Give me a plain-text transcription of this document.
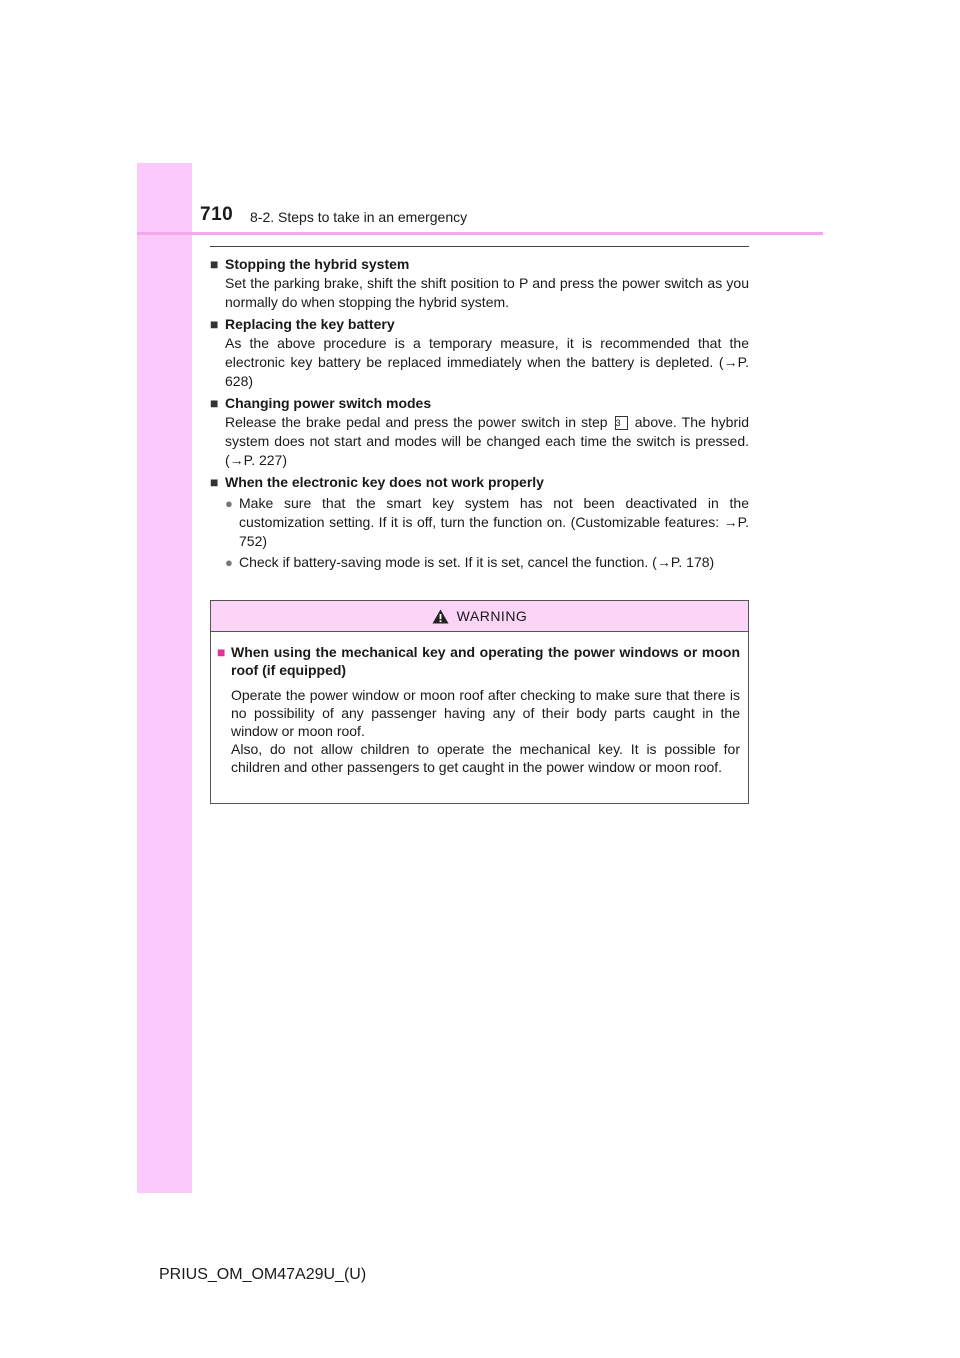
710 8-2. Steps to take in an emergency
■ Stopping the hybrid system
Set the parking brake, shift the shift position to P and press the power switch as you normally do when stopping the hybrid system.
■ Replacing the key battery
As the above procedure is a temporary measure, it is recommended that the electronic key battery be replaced immediately when the battery is depleted. (→P. 628)
■ Changing power switch modes
Release the brake pedal and press the power switch in step 3 above. The hybrid system does not start and modes will be changed each time the switch is pressed. (→P. 227)
■ When the electronic key does not work properly
● Make sure that the smart key system has not been deactivated in the customization setting. If it is off, turn the function on. (Customizable features: →P. 752)
● Check if battery-saving mode is set. If it is set, cancel the function. (→P. 178)
WARNING
■ When using the mechanical key and operating the power windows or moon roof (if equipped)
Operate the power window or moon roof after checking to make sure that there is no possibility of any passenger having any of their body parts caught in the window or moon roof.
Also, do not allow children to operate the mechanical key. It is possible for children and other passengers to get caught in the power window or moon roof.
PRIUS_OM_OM47A29U_(U)
